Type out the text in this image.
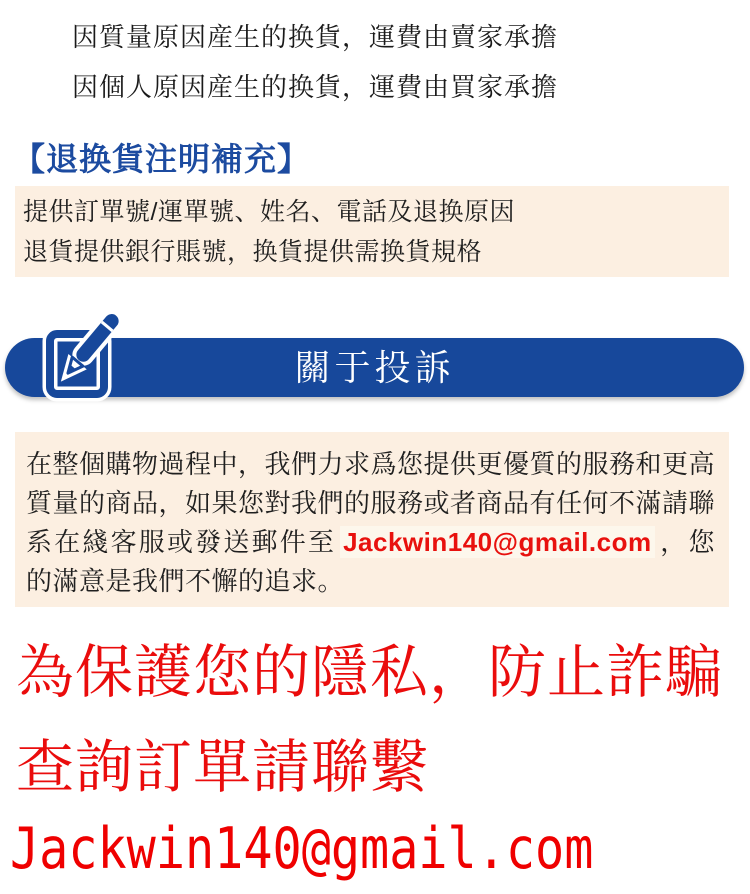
因質量原因産生的换貨，運費由賣家承擔
因個人原因産生的换貨，運費由買家承擔
【退换貨注明補充】
提供訂單號/運單號、姓名、電話及退换原因
退貨提供銀行賬號，换貨提供需换貨規格
關于投訴

在整個購物過程中，我們力求爲您提供更優質的服務和更高質量的商品，如果您對我們的服務或者商品有任何不滿請聯系在綫客服或發送郵件至 Jackwin140@gmail.com ，您的滿意是我們不懈的追求。

為保護您的隱私，防止詐騙
查詢訂單請聯繫
Jackwin140@gmail.com
